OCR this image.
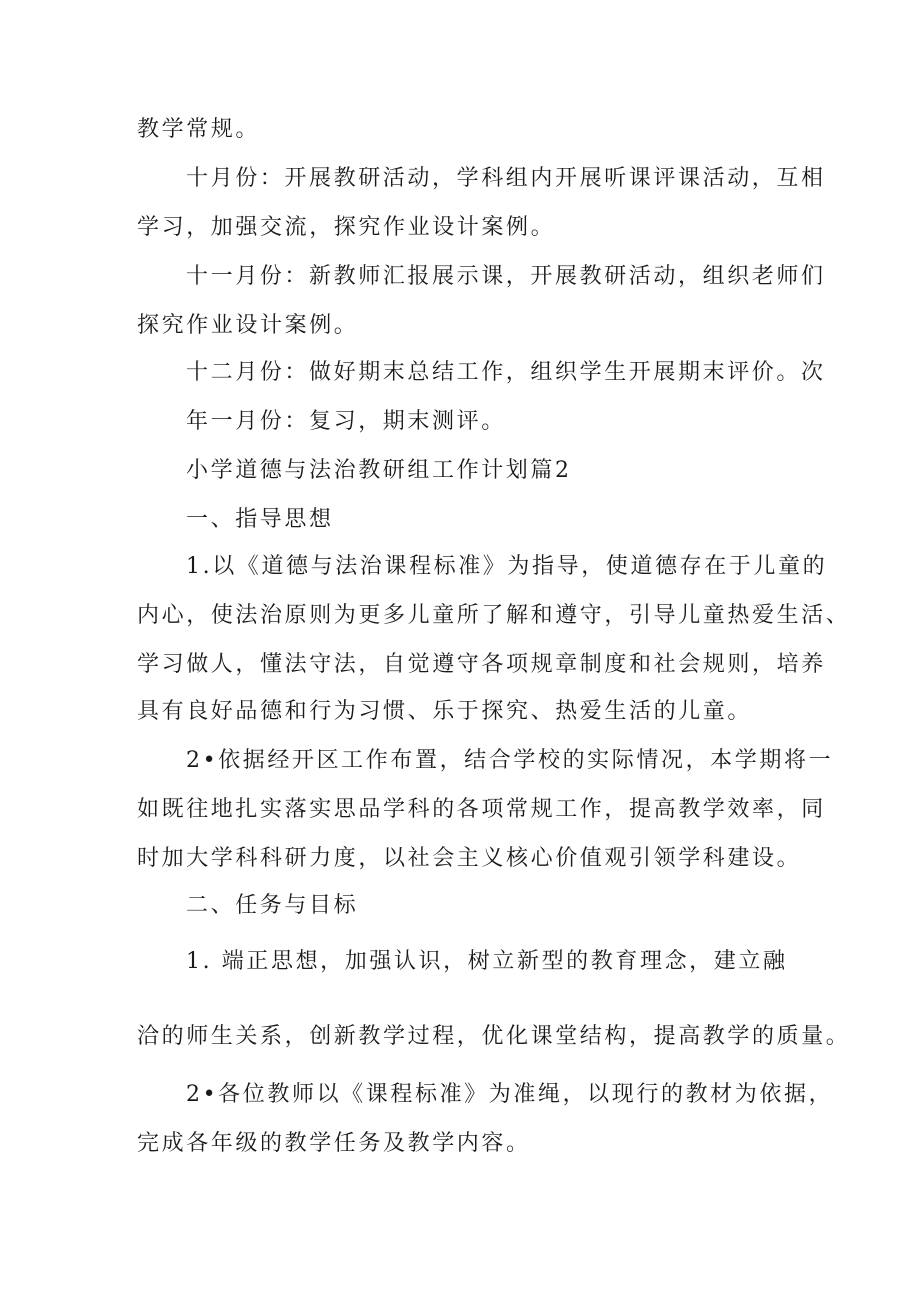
教学常规。
十月份：开展教研活动，学科组内开展听课评课活动，互相
学习，加强交流，探究作业设计案例。
十一月份：新教师汇报展示课，开展教研活动，组织老师们
探究作业设计案例。
十二月份：做好期末总结工作，组织学生开展期末评价。次
年一月份：复习，期末测评。
小学道德与法治教研组工作计划篇2
一、指导思想
1.以《道德与法治课程标准》为指导，使道德存在于儿童的
内心，使法治原则为更多儿童所了解和遵守，引导儿童热爱生活、
学习做人，懂法守法，自觉遵守各项规章制度和社会规则，培养
具有良好品德和行为习惯、乐于探究、热爱生活的儿童。
2•依据经开区工作布置，结合学校的实际情况，本学期将一
如既往地扎实落实思品学科的各项常规工作，提高教学效率，同
时加大学科科研力度，以社会主义核心价值观引领学科建设。
二、任务与目标
1. 端正思想，加强认识，树立新型的教育理念，建立融
洽的师生关系，创新教学过程，优化课堂结构，提高教学的质量。
2•各位教师以《课程标准》为准绳，以现行的教材为依据，
完成各年级的教学任务及教学内容。
